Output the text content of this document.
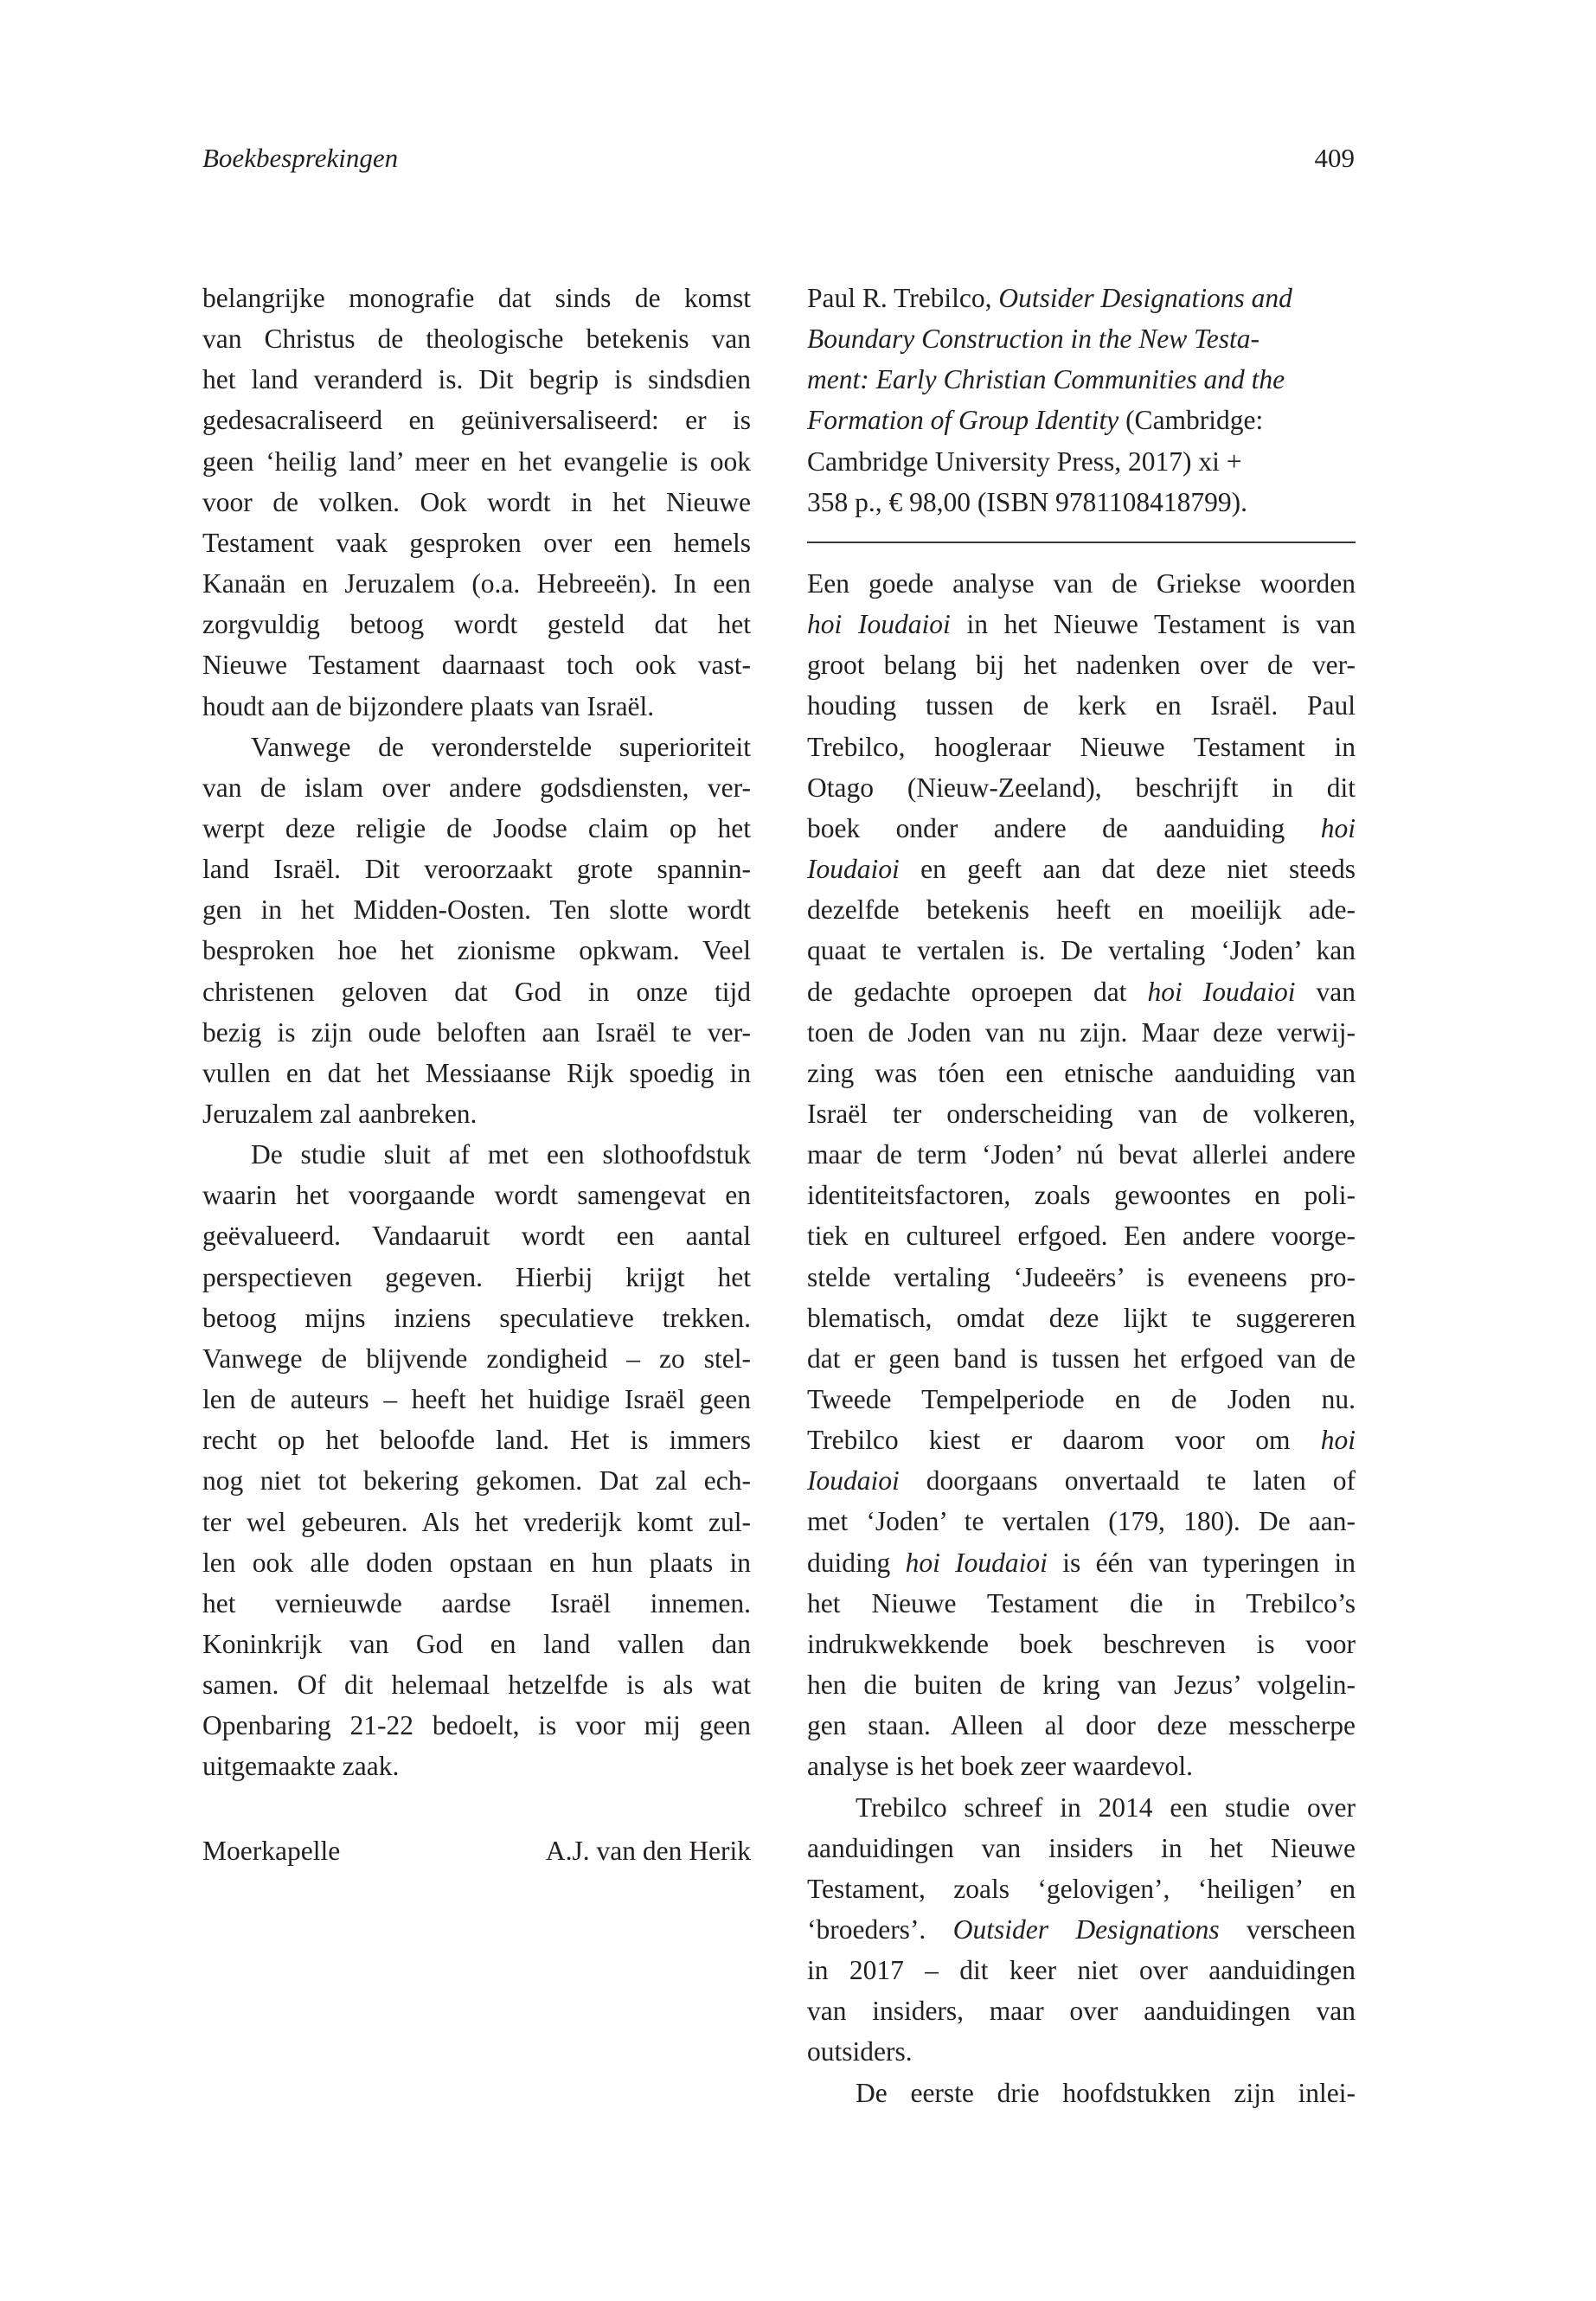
Boekbesprekingen	409
belangrijke monografie dat sinds de komst
van Christus de theologische betekenis van
het land veranderd is. Dit begrip is sindsdien
gedesacraliseerd en geüniversaliseerd: er is
geen ‘heilig land’ meer en het evangelie is ook
voor de volken. Ook wordt in het Nieuwe
Testament vaak gesproken over een hemels
Kanaän en Jeruzalem (o.a. Hebreeën). In een
zorgvuldig betoog wordt gesteld dat het
Nieuwe Testament daarnaast toch ook vast-
houdt aan de bijzondere plaats van Israël.
Vanwege de veronderstelde superioriteit
van de islam over andere godsdiensten, ver-
werpt deze religie de Joodse claim op het
land Israël. Dit veroorzaakt grote spannin-
gen in het Midden-Oosten. Ten slotte wordt
besproken hoe het zionisme opkwam. Veel
christenen geloven dat God in onze tijd
bezig is zijn oude beloften aan Israël te ver-
vullen en dat het Messiaanse Rijk spoedig in
Jeruzalem zal aanbreken.
De studie sluit af met een slothoofdstuk
waarin het voorgaande wordt samengevat en
geëvalueerd. Vandaaruit wordt een aantal
perspectieven gegeven. Hierbij krijgt het
betoog mijns inziens speculatieve trekken.
Vanwege de blijvende zondigheid – zo stel-
len de auteurs – heeft het huidige Israël geen
recht op het beloofde land. Het is immers
nog niet tot bekering gekomen. Dat zal ech-
ter wel gebeuren. Als het vrederijk komt zul-
len ook alle doden opstaan en hun plaats in
het vernieuwde aardse Israël innemen.
Koninkrijk van God en land vallen dan
samen. Of dit helemaal hetzelfde is als wat
Openbaring 21-22 bedoelt, is voor mij geen
uitgemaakte zaak.
Paul R. Trebilco, Outsider Designations and
Boundary Construction in the New Testa-
ment: Early Christian Communities and the
Formation of Group Identity (Cambridge:
Cambridge University Press, 2017) xi +
358 p., € 98,00 (ISBN 9781108418799).
Een goede analyse van de Griekse woorden
hoi Ioudaioi in het Nieuwe Testament is van
groot belang bij het nadenken over de ver-
houding tussen de kerk en Israël. Paul
Trebilco, hoogleraar Nieuwe Testament in
Otago (Nieuw-Zeeland), beschrijft in dit
boek onder andere de aanduiding hoi
Ioudaioi en geeft aan dat deze niet steeds
dezelfde betekenis heeft en moeilijk ade-
quaat te vertalen is. De vertaling ‘Joden’ kan
de gedachte oproepen dat hoi Ioudaioi van
toen de Joden van nu zijn. Maar deze verwij-
zing was tóen een etnische aanduiding van
Israël ter onderscheiding van de volkeren,
maar de term ‘Joden’ nú bevat allerlei andere
identiteitsfactoren, zoals gewoontes en poli-
tiek en cultureel erfgoed. Een andere voorge-
stelde vertaling ‘Judeeërs’ is eveneens pro-
blematisch, omdat deze lijkt te suggereren
dat er geen band is tussen het erfgoed van de
Tweede Tempelperiode en de Joden nu.
Trebilco kiest er daarom voor om hoi
Ioudaioi doorgaans onvertaald te laten of
met ‘Joden’ te vertalen (179, 180). De aan-
duiding hoi Ioudaioi is één van typeringen in
het Nieuwe Testament die in Trebilco’s
indrukwekkende boek beschreven is voor
hen die buiten de kring van Jezus’ volgelin-
gen staan. Alleen al door deze messcherpe
analyse is het boek zeer waardevol.
Trebilco schreef in 2014 een studie over
aanduidingen van insiders in het Nieuwe
Testament, zoals ‘gelovigen’, ‘heiligen’ en
‘broeders’. Outsider Designations verscheen
in 2017 – dit keer niet over aanduidingen
van insiders, maar over aanduidingen van
outsiders.
De eerste drie hoofdstukken zijn inlei-
Moerkapelle	A.J. van den Herik
